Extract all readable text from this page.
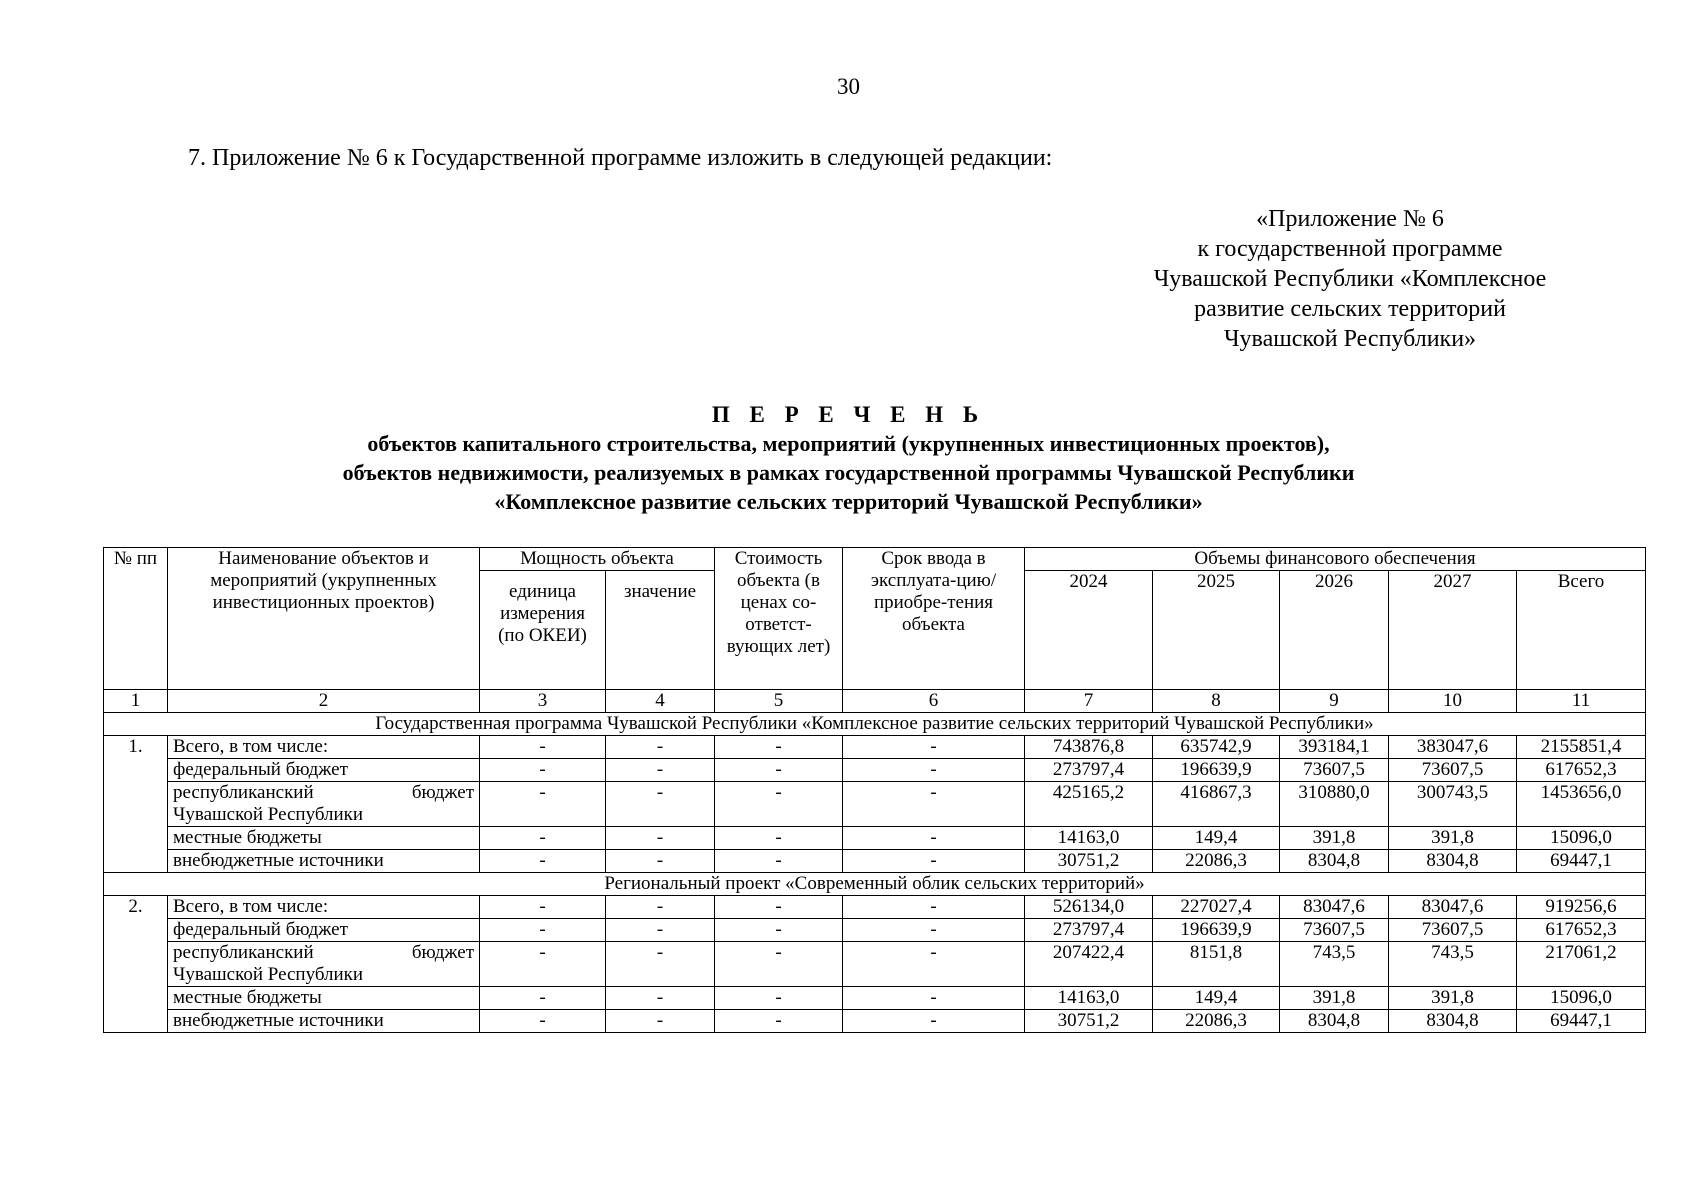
30
7. Приложение № 6 к Государственной программе изложить в следующей редакции:
«Приложение № 6
к государственной программе
Чувашской Республики «Комплексное
развитие сельских территорий
Чувашской Республики»
П Е Р Е Ч Е Н Ь
объектов капитального строительства, мероприятий (укрупненных инвестиционных проектов),
объектов недвижимости, реализуемых в рамках государственной программы Чувашской Республики
«Комплексное развитие сельских территорий Чувашской Республики»
№ пп	Наименование объектов и мероприятий (укрупненных инвестиционных проектов)	Мощность объекта		Стоимость объекта (в ценах со-ответст-вующих лет)	Срок ввода в эксплуата-цию/приобре-тения объекта	Объемы финансового обеспечения				
		единица измерения (по ОКЕИ)	значение			2024	2025	2026	2027	Всего

1	2	3	4	5	6	7	8	9	10	11
Государственная программа Чувашской Республики «Комплексное развитие сельских территорий Чувашской Республики»										
1.	Всего, в том числе:	-	-	-	-	743876,8	635742,9	393184,1	383047,6	2155851,4
	федеральный бюджет	-	-	-	-	273797,4	196639,9	73607,5	73607,5	617652,3
	республиканский бюджет Чувашской Республики	-	-	-	-	425165,2	416867,3	310880,0	300743,5	1453656,0
	местные бюджеты	-	-	-	-	14163,0	149,4	391,8	391,8	15096,0
	внебюджетные источники	-	-	-	-	30751,2	22086,3	8304,8	8304,8	69447,1
Региональный проект «Современный облик сельских территорий»										
2.	Всего, в том числе:	-	-	-	-	526134,0	227027,4	83047,6	83047,6	919256,6
	федеральный бюджет	-	-	-	-	273797,4	196639,9	73607,5	73607,5	617652,3
	республиканский бюджет Чувашской Республики	-	-	-	-	207422,4	8151,8	743,5	743,5	217061,2
	местные бюджеты	-	-	-	-	14163,0	149,4	391,8	391,8	15096,0
	внебюджетные источники	-	-	-	-	30751,2	22086,3	8304,8	8304,8	69447,1
